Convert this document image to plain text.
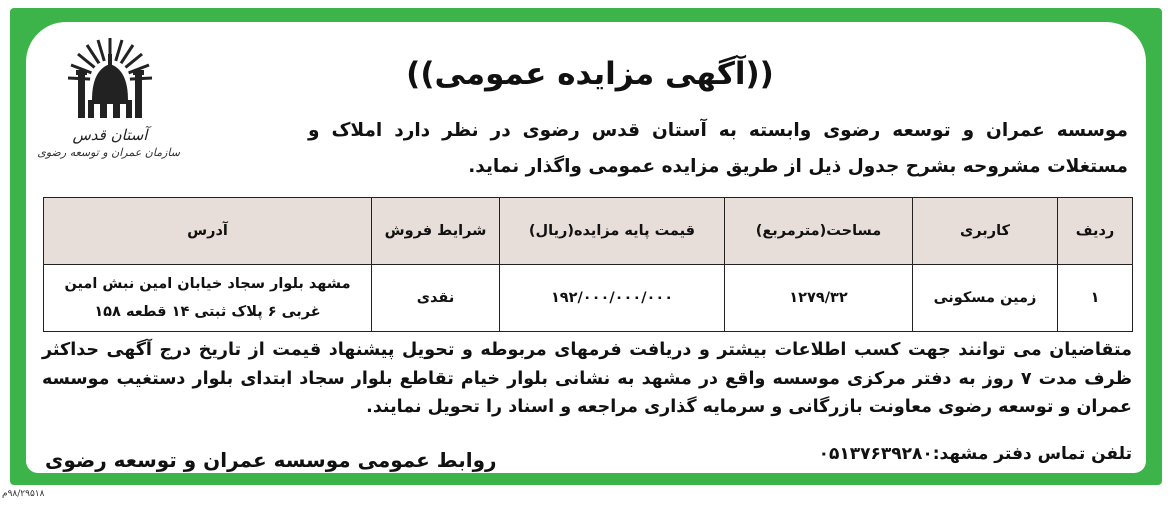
آستان قدس
سازمان عمران و توسعه رضوی
((آگهی مزایده عمومی))
موسسه عمران و توسعه رضوی وابسته به آستان قدس رضوی در نظر دارد املاک و مستغلات مشروحه بشرح جدول ذیل از طریق مزایده عمومی واگذار نماید.
ردیف	کاربری	مساحت(مترمربع)	قیمت پایه مزایده(ریال)	شرایط فروش	آدرس
۱	زمین مسکونی	۱۲۷۹/۳۲	۱۹۲/۰۰۰/۰۰۰/۰۰۰	نقدی	مشهد بلوار سجاد خیابان امین نبش امین غربی ۶ پلاک ثبتی ۱۴ قطعه ۱۵۸
متقاضیان می توانند جهت کسب اطلاعات بیشتر و دریافت فرمهای مربوطه و تحویل پیشنهاد قیمت از تاریخ درج آگهی حداکثر ظرف مدت ۷ روز به دفتر مرکزی موسسه واقع در مشهد به نشانی بلوار خیام تقاطع بلوار سجاد ابتدای بلوار دستغیب موسسه عمران و توسعه رضوی معاونت بازرگانی و سرمایه گذاری مراجعه و اسناد را تحویل نمایند.
تلفن تماس دفتر مشهد:۰۵۱۳۷۶۳۹۲۸۰
روابط عمومی موسسه عمران و توسعه رضوی
۹۸/۲۹۵۱۸م
